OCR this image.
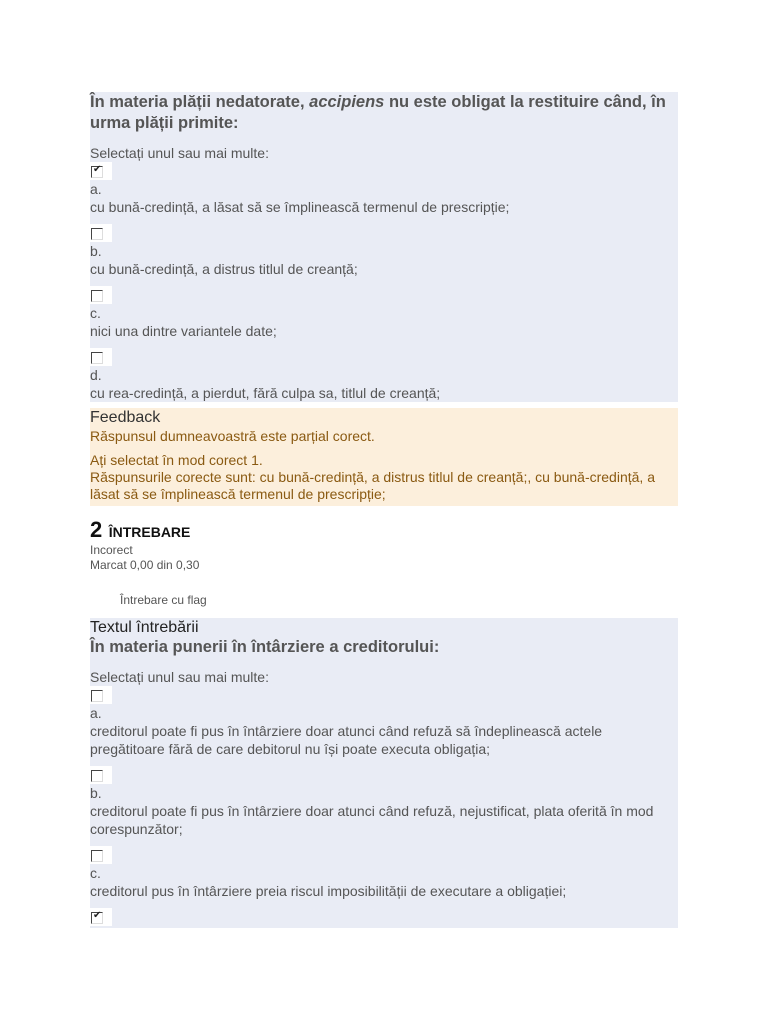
În materia plății nedatorate, accipiens nu este obligat la restituire când, în urma plății primite:
Selectați unul sau mai multe:
✔
a.
cu bună-credință, a lăsat să se împlinească termenul de prescripție;
b.
cu bună-credință, a distrus titlul de creanță;
c.
nici una dintre variantele date;
d.
cu rea-credință, a pierdut, fără culpa sa, titlul de creanță;
Feedback
Răspunsul dumneavoastră este parțial corect.
Ați selectat în mod corect 1.
Răspunsurile corecte sunt: cu bună-credință, a distrus titlul de creanță;, cu bună-credință, a lăsat să se împlinească termenul de prescripție;
2 ÎNTREBARE
Incorect
Marcat 0,00 din 0,30
Întrebare cu flag
Textul întrebării
În materia punerii în întârziere a creditorului:
Selectați unul sau mai multe:
a.
creditorul poate fi pus în întârziere doar atunci când refuză să îndeplinească actele pregătitoare fără de care debitorul nu își poate executa obligația;
b.
creditorul poate fi pus în întârziere doar atunci când refuză, nejustificat, plata oferită în mod corespunzător;
c.
creditorul pus în întârziere preia riscul imposibilității de executare a obligației;
✔
